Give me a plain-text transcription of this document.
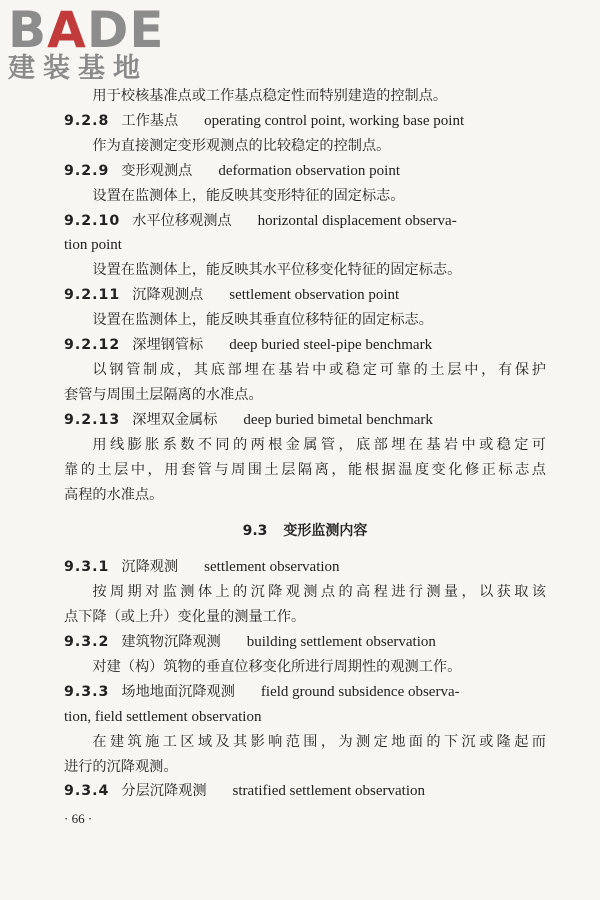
BADE
建装基地

用于校核基准点或工作基点稳定性而特别建造的控制点。

9.2.8 工作基点 operating control point, working base point

作为直接测定变形观测点的比较稳定的控制点。

9.2.9 变形观测点 deformation observation point

设置在监测体上，能反映其变形特征的固定标志。

9.2.10 水平位移观测点 horizontal displacement observa-

tion point

设置在监测体上，能反映其水平位移变化特征的固定标志。

9.2.11 沉降观测点 settlement observation point

设置在监测体上，能反映其垂直位移特征的固定标志。

9.2.12 深埋钢管标 deep buried steel-pipe benchmark

以钢管制成，其底部埋在基岩中或稳定可靠的土层中，有保护

套管与周围土层隔离的水准点。

9.2.13 深埋双金属标 deep buried bimetal benchmark

用线膨胀系数不同的两根金属管，底部埋在基岩中或稳定可

靠的土层中，用套管与周围土层隔离，能根据温度变化修正标志点

高程的水准点。

9.3 变形监测内容

9.3.1 沉降观测 settlement observation

按周期对监测体上的沉降观测点的高程进行测量，以获取该

点下降（或上升）变化量的测量工作。

9.3.2 建筑物沉降观测 building settlement observation

对建（构）筑物的垂直位移变化所进行周期性的观测工作。

9.3.3 场地地面沉降观测 field ground subsidence observa-

tion, field settlement observation

在建筑施工区域及其影响范围，为测定地面的下沉或隆起而

进行的沉降观测。

9.3.4 分层沉降观测 stratified settlement observation

· 66 ·
